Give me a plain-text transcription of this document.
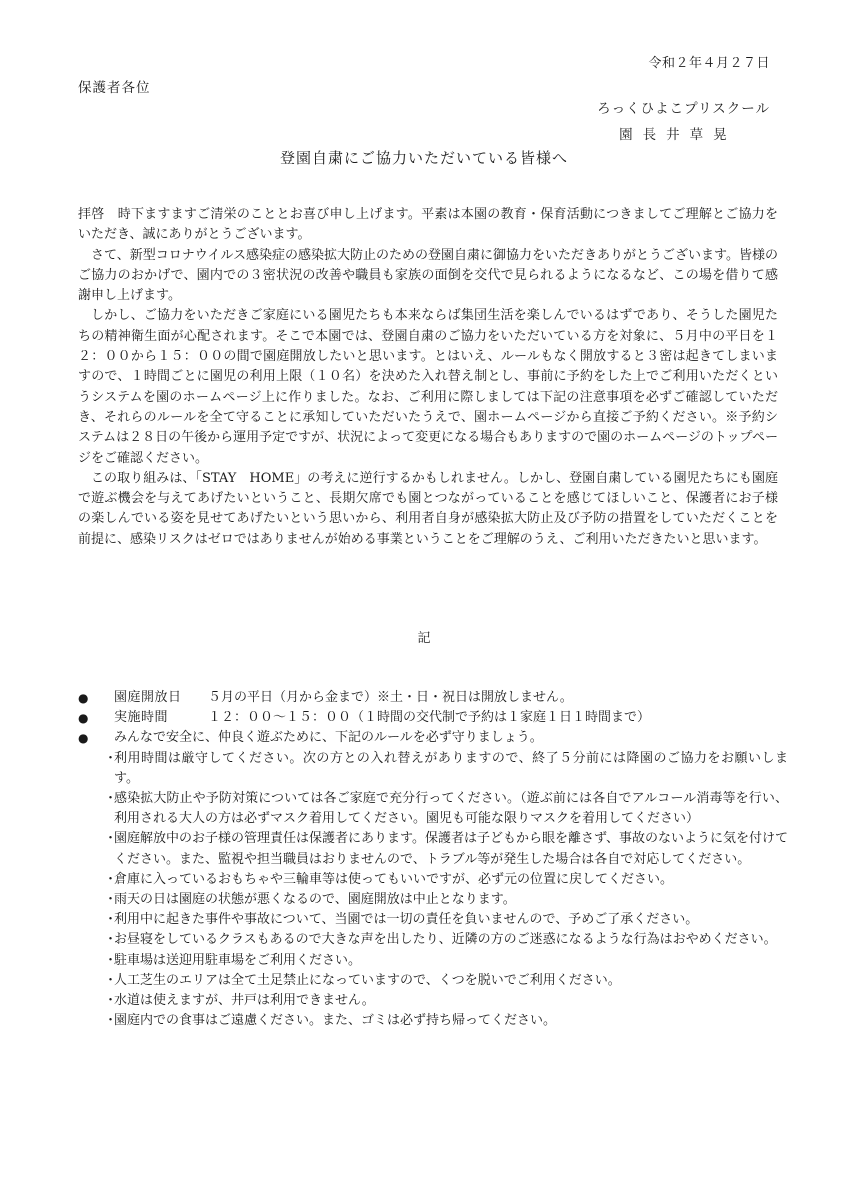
令和２年４月２７日
保護者各位
ろっくひよこプリスクール
園長井草晃
登園自粛にご協力いただいている皆様へ

拝啓　時下ますますご清栄のこととお喜び申し上げます。平素は本園の教育・保育活動につきましてご理解とご協力をいただき、誠にありがとうございます。

さて、新型コロナウイルス感染症の感染拡大防止のための登園自粛に御協力をいただきありがとうございます。皆様のご協力のおかげで、園内での３密状況の改善や職員も家族の面倒を交代で見られるようになるなど、この場を借りて感謝申し上げます。

しかし、ご協力をいただきご家庭にいる園児たちも本来ならば集団生活を楽しんでいるはずであり、そうした園児たちの精神衛生面が心配されます。そこで本園では、登園自粛のご協力をいただいている方を対象に、５月中の平日を１２：００から１５：００の間で園庭開放したいと思います。とはいえ、ルールもなく開放すると３密は起きてしまいますので、１時間ごとに園児の利用上限（１０名）を決めた入れ替え制とし、事前に予約をした上でご利用いただくというシステムを園のホームページ上に作りました。なお、ご利用に際しましては下記の注意事項を必ずご確認していただき、それらのルールを全て守ることに承知していただいたうえで、園ホームページから直接ご予約ください。※予約システムは２８日の午後から運用予定ですが、状況によって変更になる場合もありますので園のホームページのトップページをご確認ください。

この取り組みは、「STAY　HOME」の考えに逆行するかもしれません。しかし、登園自粛している園児たちにも園庭で遊ぶ機会を与えてあげたいということ、長期欠席でも園とつながっていることを感じてほしいこと、保護者にお子様の楽しんでいる姿を見せてあげたいという思いから、利用者自身が感染拡大防止及び予防の措置をしていただくことを前提に、感染リスクはゼロではありませんが始める事業ということをご理解のうえ、ご利用いただきたいと思います。

記
●	園庭開放日	５月の平日（月から金まで）※土・日・祝日は開放しません。
●	実施時間	１２：００～１５：００（１時間の交代制で予約は１家庭１日１時間まで）
●	みんなで安全に、仲良く遊ぶために、下記のルールを必ず守りましょう。
・
利用時間は厳守してください。次の方との入れ替えがありますので、終了５分前には降園のご協力をお願いします。
・
感染拡大防止や予防対策については各ご家庭で充分行ってください。（遊ぶ前には各自でアルコール消毒等を行い、利用される大人の方は必ずマスク着用してください。園児も可能な限りマスクを着用してください）
・
園庭解放中のお子様の管理責任は保護者にあります。保護者は子どもから眼を離さず、事故のないように気を付けてください。また、監視や担当職員はおりませんので、トラブル等が発生した場合は各自で対応してください。
・
倉庫に入っているおもちゃや三輪車等は使ってもいいですが、必ず元の位置に戻してください。
・
雨天の日は園庭の状態が悪くなるので、園庭開放は中止となります。
・
利用中に起きた事件や事故について、当園では一切の責任を負いませんので、予めご了承ください。
・
お昼寝をしているクラスもあるので大きな声を出したり、近隣の方のご迷惑になるような行為はおやめください。
・
駐車場は送迎用駐車場をご利用ください。
・
人工芝生のエリアは全て土足禁止になっていますので、くつを脱いでご利用ください。
・
水道は使えますが、井戸は利用できません。
・
園庭内での食事はご遠慮ください。また、ゴミは必ず持ち帰ってください。
